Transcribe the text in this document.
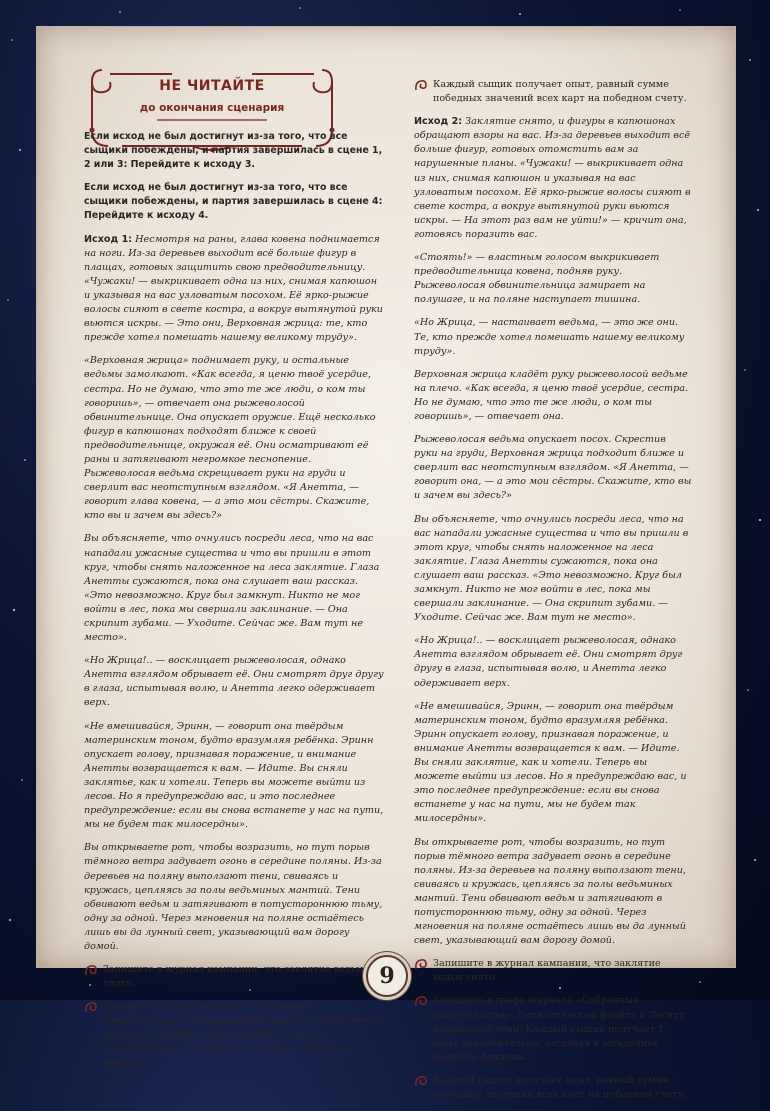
НЕ ЧИТАЙТЕ
до окончания сценария

Если исход не был достигнут из-за того, что все сыщики побеждены, и партия завершилась в сцене 1, 2 или 3: Перейдите к исходу 3.

Если исход не был достигнут из-за того, что все сыщики побеждены, и партия завершилась в сцене 4: Перейдите к исходу 4.

Исход 1: Несмотря на раны, глава ковена поднимается на ноги. Из-за деревьев выходит всё больше фигур в плащах, готовых защитить свою предводительницу. «Чужаки! — выкрикивает одна из них, снимая капюшон и указывая на вас узловатым посохом. Её ярко-рыжие волосы сияют в свете костра, а вокруг вытянутой руки вьются искры. — Это они, Верховная жрица: те, кто прежде хотел помешать нашему великому труду».

«Верховная жрица» поднимает руку, и остальные ведьмы замолкают. «Как всегда, я ценю твоё усердие, сестра. Но не думаю, что это те же люди, о ком ты говоришь», — отвечает она рыжеволосой обвинительнице. Она опускает оружие. Ещё несколько фигур в капюшонах подходят ближе к своей предводительнице, окружая её. Они осматривают её раны и затягивают негромкое песнопение. Рыжеволосая ведьма скрещивает руки на груди и сверлит вас неотступным взглядом. «Я Анетта, — говорит глава ковена, — а это мои сёстры. Скажите, кто вы и зачем вы здесь?»

Вы объясняете, что очнулись посреди леса, что на вас нападали ужасные существа и что вы пришли в этот круг, чтобы снять наложенное на леса заклятие. Глаза Анетты сужаются, пока она слушает ваш рассказ. «Это невозможно. Круг был замкнут. Никто не мог войти в лес, пока мы свершали заклинание. — Она скрипит зубами. — Уходите. Сейчас же. Вам тут не место».

«Но Жрица!.. — восклицает рыжеволосая, однако Анетта взглядом обрывает её. Они смотрят друг другу в глаза, испытывая волю, и Анетта легко одерживает верх.

«Не вмешивайся, Эринн, — говорит она твёрдым материнским тоном, будто вразумляя ребёнка. Эринн опускает голову, признавая поражение, и внимание Анетты возвращается к вам. — Идите. Вы сняли заклятье, как и хотели. Теперь вы можете выйти из лесов. Но я предупреждаю вас, и это последнее предупреждение: если вы снова встанете у нас на пути, мы не будем так милосердны».

Вы открываете рот, чтобы возразить, но тут порыв тёмного ветра задувает огонь в середине поляны. Из-за деревьев на поляну выползают тени, свиваясь и кружась, цепляясь за полы ведьминых мантий. Тени обвивают ведьм и затягивают в потустороннюю тьму, одну за одной. Через мгновения на поляне остаётесь лишь вы да лунный свет, указывающий вам дорогу домой.

Запишите в журнал кампании, что заклятие ведьм снято.
Запишите в графе журнала «Собранные свидетельства»: Гипнотическая флейта и Компоненты ритуала. Каждый сыщик получает 1 опыт дополнительно, заглянув в загадочное прошлое Аркхэма.
Каждый сыщик получает опыт, равный сумме победных значений всех карт на победном счету.

Исход 2: Заклятие снято, и фигуры в капюшонах обращают взоры на вас. Из-за деревьев выходит всё больше фигур, готовых отомстить вам за нарушенные планы. «Чужаки! — выкрикивает одна из них, снимая капюшон и указывая на вас узловатым посохом. Её ярко-рыжие волосы сияют в свете костра, а вокруг вытянутой руки вьются искры. — На этот раз вам не уйти!» — кричит она, готовясь поразить вас.

«Стоять!» — властным голосом выкрикивает предводительница ковена, подняв руку. Рыжеволосая обвинительница замирает на полушаге, и на поляне наступает тишина.

«Но Жрица, — настаивает ведьма, — это же они. Те, кто прежде хотел помешать нашему великому труду».

Верховная жрица кладёт руку рыжеволосой ведьме на плечо. «Как всегда, я ценю твоё усердие, сестра. Но не думаю, что это те же люди, о ком ты говоришь», — отвечает она.

Рыжеволосая ведьма опускает посох. Скрестив руки на груди, Верховная жрица подходит ближе и сверлит вас неотступным взглядом. «Я Анетта, — говорит она, — а это мои сёстры. Скажите, кто вы и зачем вы здесь?»

Вы объясняете, что очнулись посреди леса, что на вас нападали ужасные существа и что вы пришли в этот круг, чтобы снять наложенное на леса заклятие. Глаза Анетты сужаются, пока она слушает ваш рассказ. «Это невозможно. Круг был замкнут. Никто не мог войти в лес, пока мы свершали заклинание. — Она скрипит зубами. — Уходите. Сейчас же. Вам тут не место».

«Но Жрица!.. — восклицает рыжеволосая, однако Анетта взглядом обрывает её. Они смотрят друг другу в глаза, испытывая волю, и Анетта легко одерживает верх.

«Не вмешивайся, Эринн, — говорит она твёрдым материнским тоном, будто вразумляя ребёнка. Эринн опускает голову, признавая поражение, и внимание Анетты возвращается к вам. — Идите. Вы сняли заклятие, как и хотели. Теперь вы можете выйти из лесов. Но я предупреждаю вас, и это последнее предупреждение: если вы снова встанете у нас на пути, мы не будем так милосердны».

Вы открываете рот, чтобы возразить, но тут порыв тёмного ветра задувает огонь в середине поляны. Из-за деревьев на поляну выползают тени, свиваясь и кружась, цепляясь за полы ведьминых мантий. Тени обвивают ведьм и затягивают в потустороннюю тьму, одну за одной. Через мгновения на поляне остаётесь лишь вы да лунный свет, указывающий вам дорогу домой.

Запишите в журнал кампании, что заклятие ведьм снято.
Запишите в графе журнала «Собранные свидетельства»: Гипнотическая флейта и Лоскут изорванной тени. Каждый сыщик получает 1 опыт дополнительно, заглянув в загадочное прошлое Аркхэма.
Каждый сыщик получает опыт, равный сумме победных значений всех карт на победном счету.
9
